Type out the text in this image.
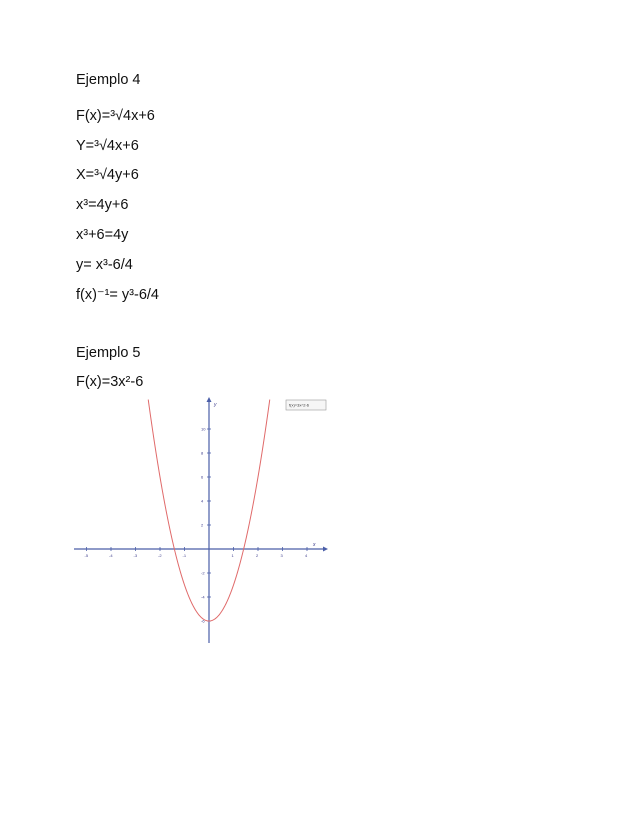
Ejemplo 4
F(x)=³√4x+6
Y=³√4x+6
X=³√4y+6
x³=4y+6
x³+6=4y
y= x³-6/4
f(x)⁻¹= y³-6/4
Ejemplo 5
F(x)=3x²-6
f(x)=3x^2-6
y
x
-5	-4	-3	-2	-1	1	2	3	4
10
8
6
4
2
-2
-4
-6
